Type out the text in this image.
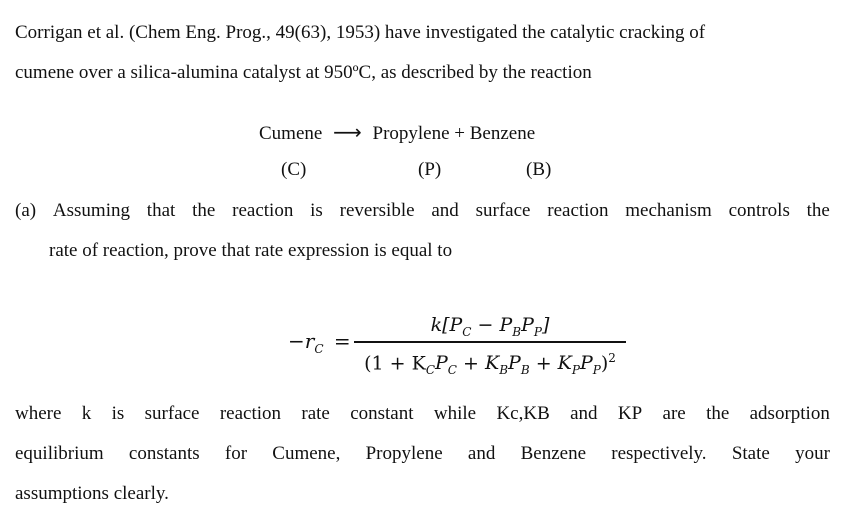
Corrigan et al. (Chem Eng. Prog., 49(63), 1953) have investigated the catalytic cracking of
cumene over a silica-alumina catalyst at 950ºC, as described by the reaction
Cumene ⟶ Propylene + Benzene
(C)	(P)	(B)
(a) Assuming that the reaction is reversible and surface reaction mechanism controls the
rate of reaction, prove that rate expression is equal to
$-r_C$ =
$k[P_C - P_BP_P]$
$(1 + K_CP_C + K_BP_B + K_PP_P)^2$
where k is surface reaction rate constant while Kc,KB and KP are the adsorption
equilibrium constants for Cumene, Propylene and Benzene respectively. State your
assumptions clearly.
